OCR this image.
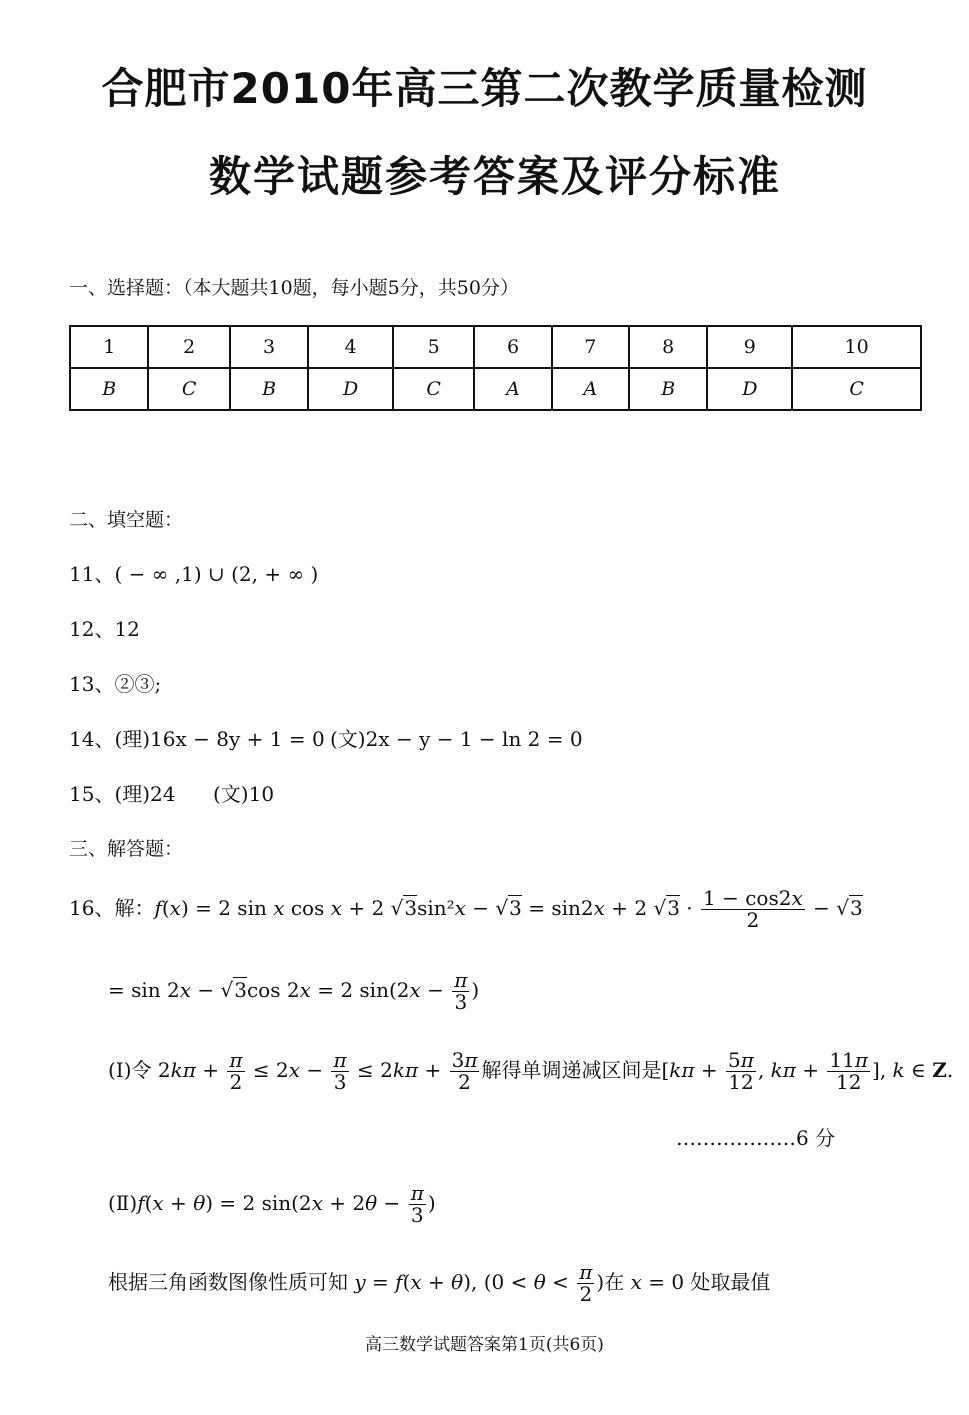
合肥市2010年高三第二次教学质量检测
数学试题参考答案及评分标准
一、选择题：（本大题共10题，每小题5分，共50分）
1	2	3	4	5	6	7	8	9	10
B	C	B	D	C	A	A	B	D	C
二、填空题：
11、( − ∞ ,1) ∪ (2, + ∞ )
12、12
13、②③;
14、(理)16x − 8y + 1 = 0 (文)2x − y − 1 − ln 2 = 0
15、(理)24 (文)10
三、解答题：
16、解：f(x) = 2 sin x cos x + 2 √3sin²x − √3 = sin2x + 2 $√3 \cdot \frac{1 - \cos 2x}{2} - √3$
= sin 2x − √3cos 2x = 2 $\sin(2x - \frac{\pi}{3}$ )
(Ⅰ)令 $2k\pi + \frac{\pi}{2} \le 2x - \frac{\pi}{3} \le 2k\pi + \frac{3\pi}{2}$ 解得单调递减区间是[$k\pi + \frac{5\pi}{12}$ , $k\pi + \frac{11\pi}{12}$ ], k ∈ Z.
………………6 分
(Ⅱ)f(x + θ) = 2 $\sin(2x + 2\theta - \frac{\pi}{3}$ )
根据三角函数图像性质可知 y = f(x + θ), ($0 < \theta < \frac{\pi}{2}$ )在 x = 0 处取最值
高三数学试题答案第1页(共6页)
